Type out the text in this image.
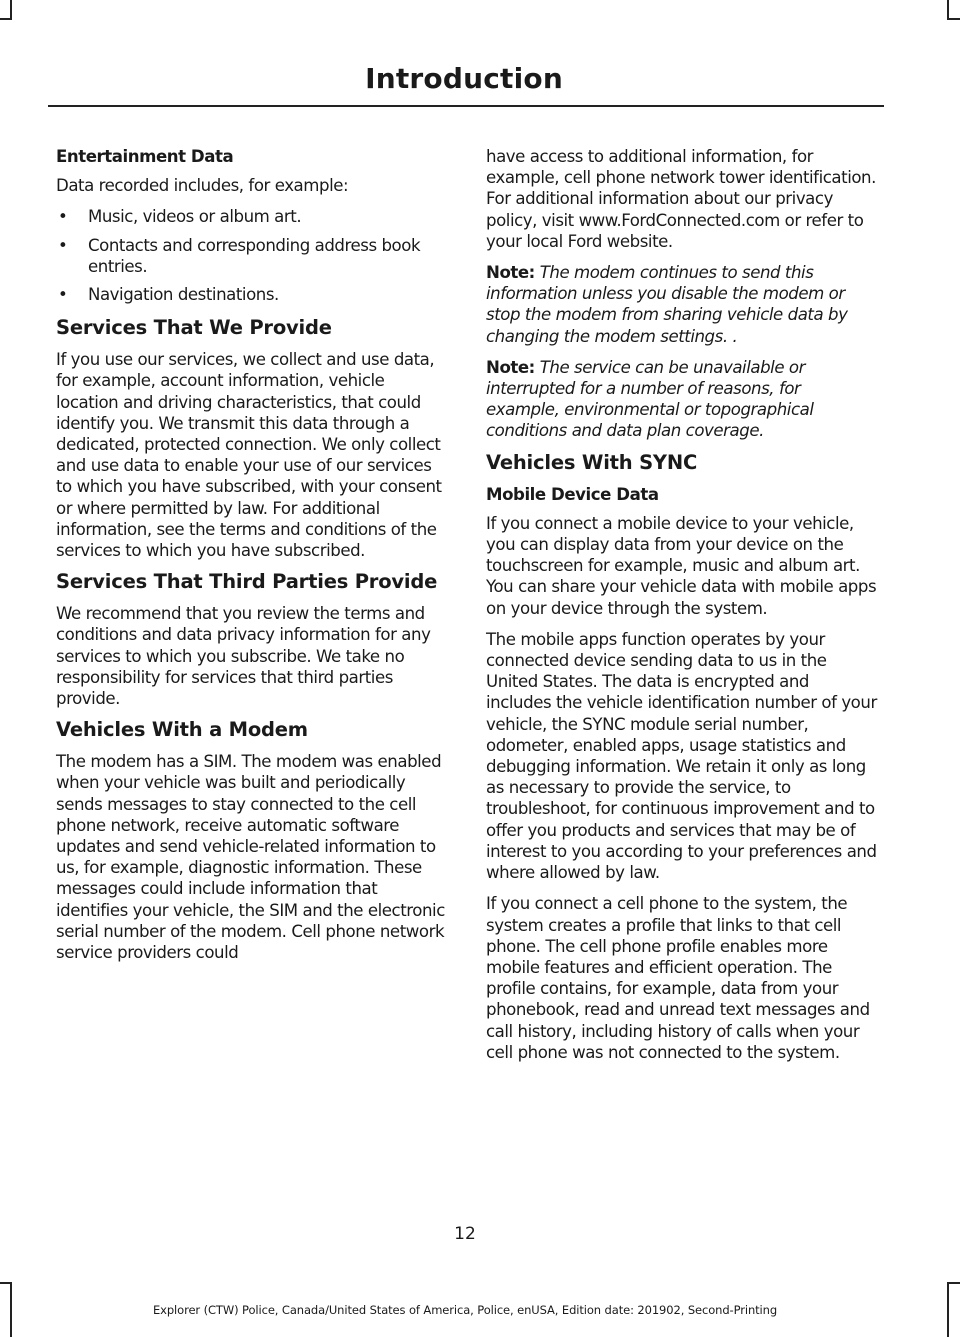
Introduction

Entertainment Data

Data recorded includes, for example:

• Music, videos or album art.
• Contacts and corresponding address book entries.
• Navigation destinations.
Services That We Provide

If you use our services, we collect and use data, for example, account information, vehicle location and driving characteristics, that could identify you. We transmit this data through a dedicated, protected connection. We only collect and use data to enable your use of our services to which you have subscribed, with your consent or where permitted by law. For additional information, see the terms and conditions of the services to which you have subscribed.

Services That Third Parties Provide

We recommend that you review the terms and conditions and data privacy information for any services to which you subscribe. We take no responsibility for services that third parties provide.

Vehicles With a Modem

The modem has a SIM. The modem was enabled when your vehicle was built and periodically sends messages to stay connected to the cell phone network, receive automatic software updates and send vehicle-related information to us, for example, diagnostic information. These messages could include information that identifies your vehicle, the SIM and the electronic serial number of the modem. Cell phone network service providers could

have access to additional information, for example, cell phone network tower identification. For additional information about our privacy policy, visit www.FordConnected.com or refer to your local Ford website.

Note: The modem continues to send this information unless you disable the modem or stop the modem from sharing vehicle data by changing the modem settings. .

Note: The service can be unavailable or interrupted for a number of reasons, for example, environmental or topographical conditions and data plan coverage.

Vehicles With SYNC

Mobile Device Data

If you connect a mobile device to your vehicle, you can display data from your device on the touchscreen for example, music and album art. You can share your vehicle data with mobile apps on your device through the system.

The mobile apps function operates by your connected device sending data to us in the United States. The data is encrypted and includes the vehicle identification number of your vehicle, the SYNC module serial number, odometer, enabled apps, usage statistics and debugging information. We retain it only as long as necessary to provide the service, to troubleshoot, for continuous improvement and to offer you products and services that may be of interest to you according to your preferences and where allowed by law.

If you connect a cell phone to the system, the system creates a profile that links to that cell phone. The cell phone profile enables more mobile features and efficient operation. The profile contains, for example, data from your phonebook, read and unread text messages and call history, including history of calls when your cell phone was not connected to the system.

12
Explorer (CTW) Police, Canada/United States of America, Police, enUSA, Edition date: 201902, Second-Printing
